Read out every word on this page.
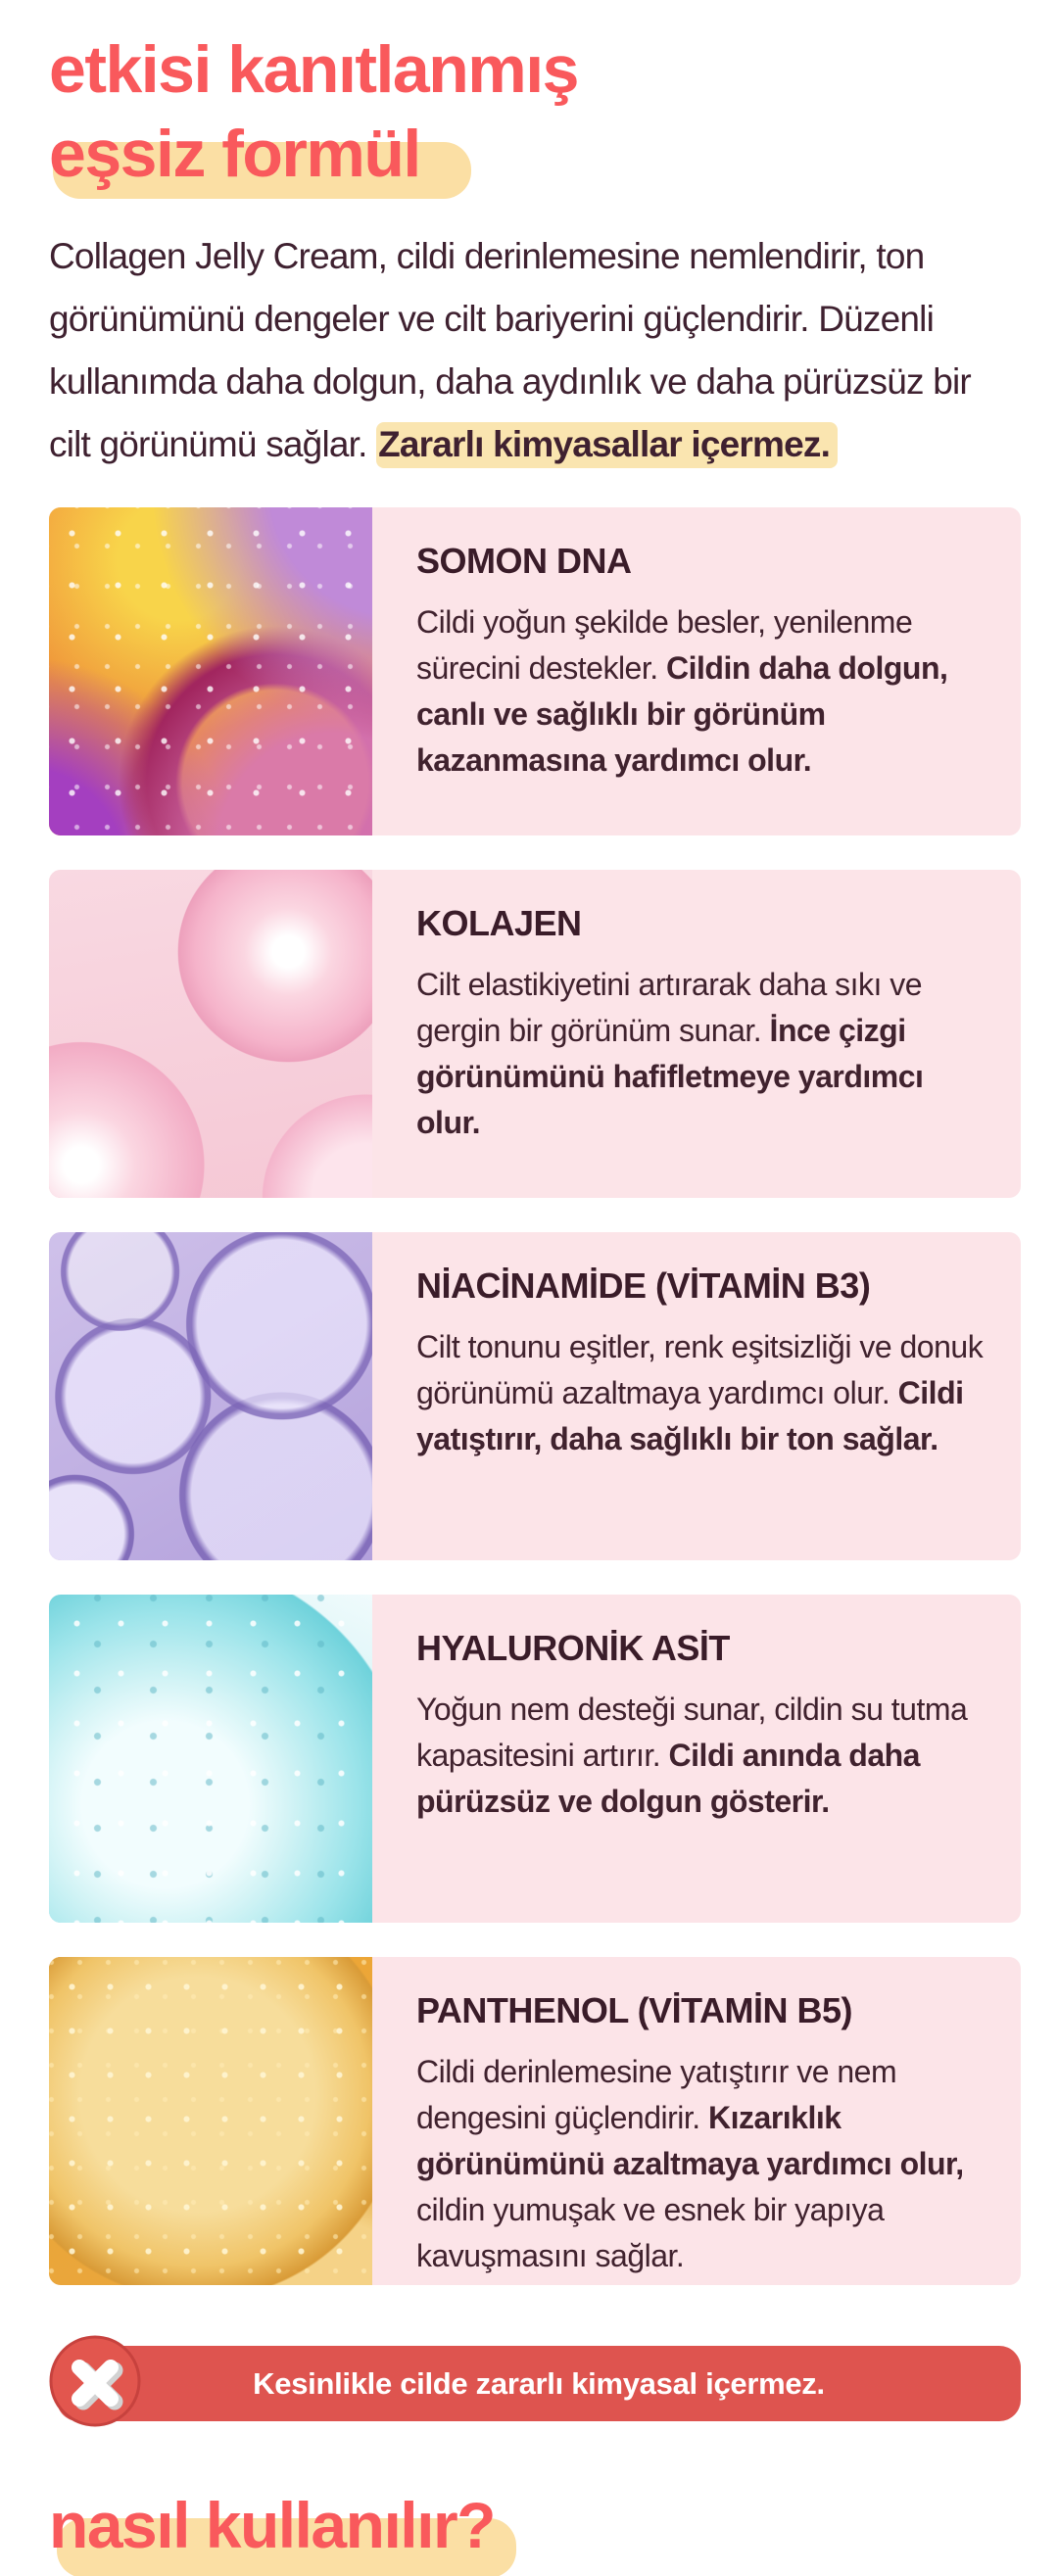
etkisi kanıtlanmış
eşsiz formül

Collagen Jelly Cream, cildi derinlemesine nemlendirir, ton görünümünü dengeler ve cilt bariyerini güçlendirir. Düzenli kullanımda daha dolgun, daha aydınlık ve daha pürüzsüz bir cilt görünümü sağlar. Zararlı kimyasallar içermez.

SOMON DNA

Cildi yoğun şekilde besler, yenilenme sürecini destekler. Cildin daha dolgun, canlı ve sağlıklı bir görünüm kazanmasına yardımcı olur.

KOLAJEN

Cilt elastikiyetini artırarak daha sıkı ve gergin bir görünüm sunar. İnce çizgi görünümünü hafifletmeye yardımcı olur.

NİACİNAMİDE (VİTAMİN B3)

Cilt tonunu eşitler, renk eşitsizliği ve donuk görünümü azaltmaya yardımcı olur. Cildi yatıştırır, daha sağlıklı bir ton sağlar.

HYALURONİK ASİT

Yoğun nem desteği sunar, cildin su tutma kapasitesini artırır. Cildi anında daha pürüzsüz ve dolgun gösterir.

PANTHENOL (VİTAMİN B5)

Cildi derinlemesine yatıştırır ve nem dengesini güçlendirir. Kızarıklık görünümünü azaltmaya yardımcı olur, cildin yumuşak ve esnek bir yapıya kavuşmasını sağlar.

Kesinlikle cilde zararlı kimyasal içermez.
nasıl kullanılır?
